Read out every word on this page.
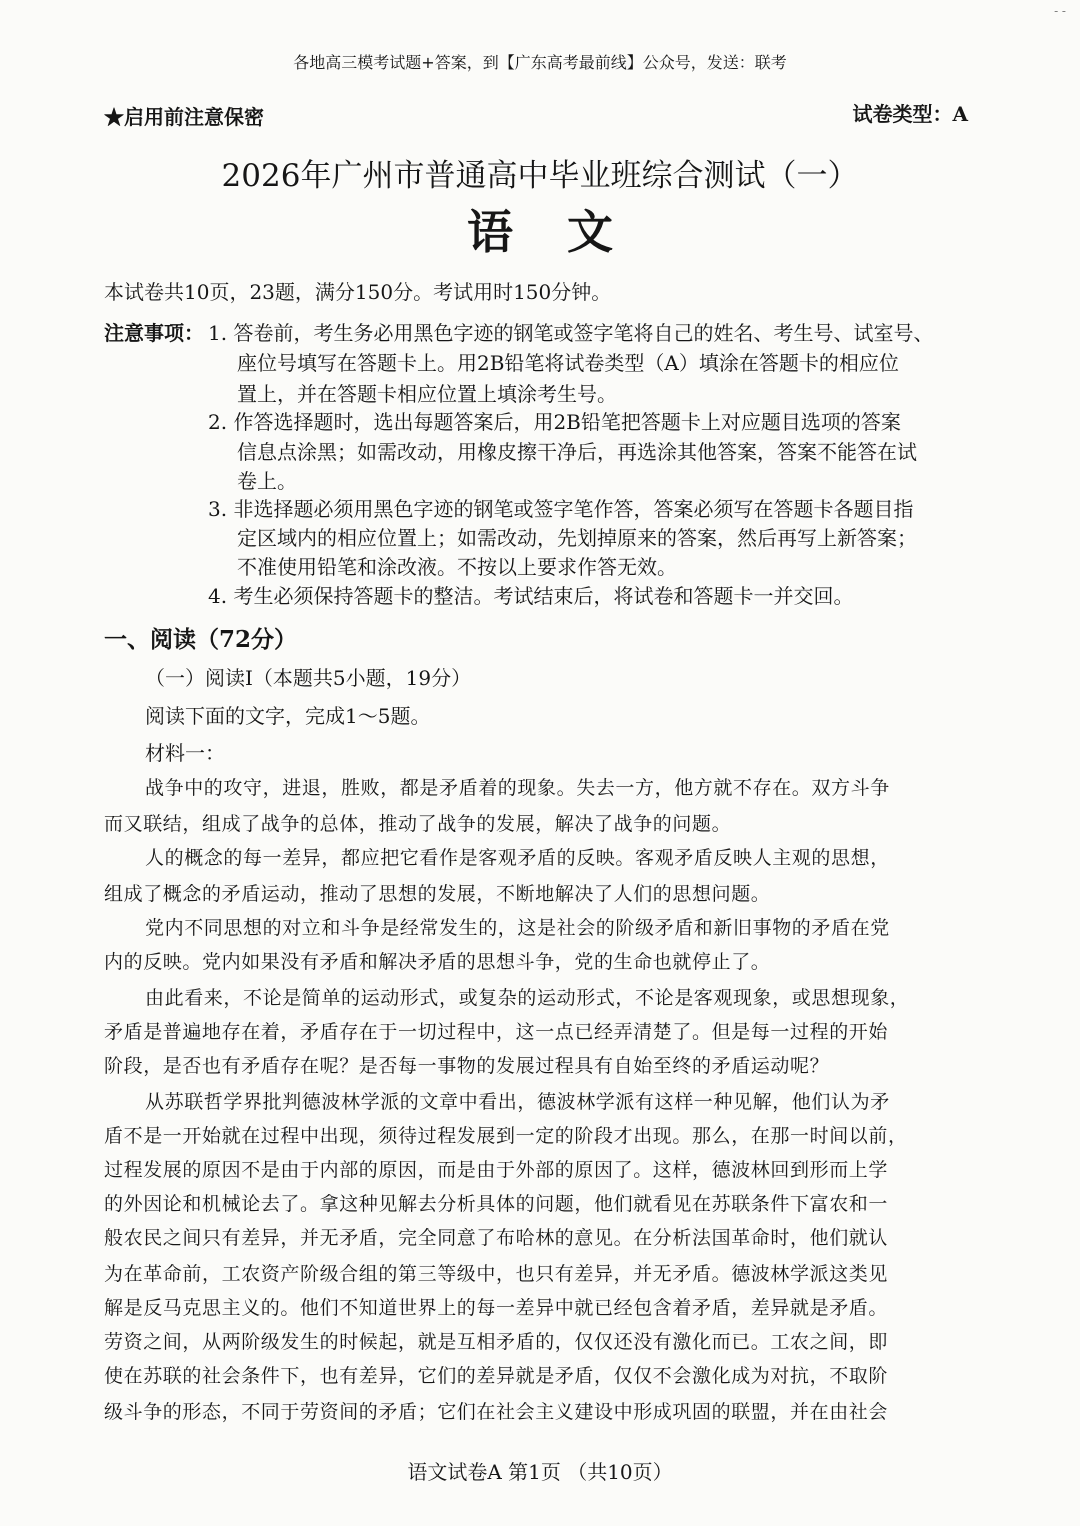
- -
各地高三模考试题+答案，到【广东高考最前线】公众号，发送：联考
★启用前注意保密	试卷类型：A
2026年广州市普通高中毕业班综合测试（一）
语文
本试卷共10页，23题，满分150分。考试用时150分钟。
注意事项： 1. 答卷前，考生务必用黑色字迹的钢笔或签字笔将自己的姓名、考生号、试室号、
座位号填写在答题卡上。用2B铅笔将试卷类型（A）填涂在答题卡的相应位
置上，并在答题卡相应位置上填涂考生号。
2. 作答选择题时，选出每题答案后，用2B铅笔把答题卡上对应题目选项的答案
信息点涂黑；如需改动，用橡皮擦干净后，再选涂其他答案，答案不能答在试
卷上。
3. 非选择题必须用黑色字迹的钢笔或签字笔作答，答案必须写在答题卡各题目指
定区域内的相应位置上；如需改动，先划掉原来的答案，然后再写上新答案；
不准使用铅笔和涂改液。不按以上要求作答无效。
4. 考生必须保持答题卡的整洁。考试结束后，将试卷和答题卡一并交回。
一、阅读（72分）
（一）阅读Ⅰ（本题共5小题，19分）
阅读下面的文字，完成1～5题。
材料一：
战争中的攻守，进退，胜败，都是矛盾着的现象。失去一方，他方就不存在。双方斗争
而又联结，组成了战争的总体，推动了战争的发展，解决了战争的问题。
人的概念的每一差异，都应把它看作是客观矛盾的反映。客观矛盾反映人主观的思想，
组成了概念的矛盾运动，推动了思想的发展，不断地解决了人们的思想问题。
党内不同思想的对立和斗争是经常发生的，这是社会的阶级矛盾和新旧事物的矛盾在党
内的反映。党内如果没有矛盾和解决矛盾的思想斗争，党的生命也就停止了。
由此看来，不论是简单的运动形式，或复杂的运动形式，不论是客观现象，或思想现象，
矛盾是普遍地存在着，矛盾存在于一切过程中，这一点已经弄清楚了。但是每一过程的开始
阶段，是否也有矛盾存在呢？是否每一事物的发展过程具有自始至终的矛盾运动呢？
从苏联哲学界批判德波林学派的文章中看出，德波林学派有这样一种见解，他们认为矛
盾不是一开始就在过程中出现，须待过程发展到一定的阶段才出现。那么，在那一时间以前，
过程发展的原因不是由于内部的原因，而是由于外部的原因了。这样，德波林回到形而上学
的外因论和机械论去了。拿这种见解去分析具体的问题，他们就看见在苏联条件下富农和一
般农民之间只有差异，并无矛盾，完全同意了布哈林的意见。在分析法国革命时，他们就认
为在革命前，工农资产阶级合组的第三等级中，也只有差异，并无矛盾。德波林学派这类见
解是反马克思主义的。他们不知道世界上的每一差异中就已经包含着矛盾，差异就是矛盾。
劳资之间，从两阶级发生的时候起，就是互相矛盾的，仅仅还没有激化而已。工农之间，即
使在苏联的社会条件下，也有差异，它们的差异就是矛盾，仅仅不会激化成为对抗，不取阶
级斗争的形态，不同于劳资间的矛盾；它们在社会主义建设中形成巩固的联盟，并在由社会
语文试卷A 第1页 （共10页）
